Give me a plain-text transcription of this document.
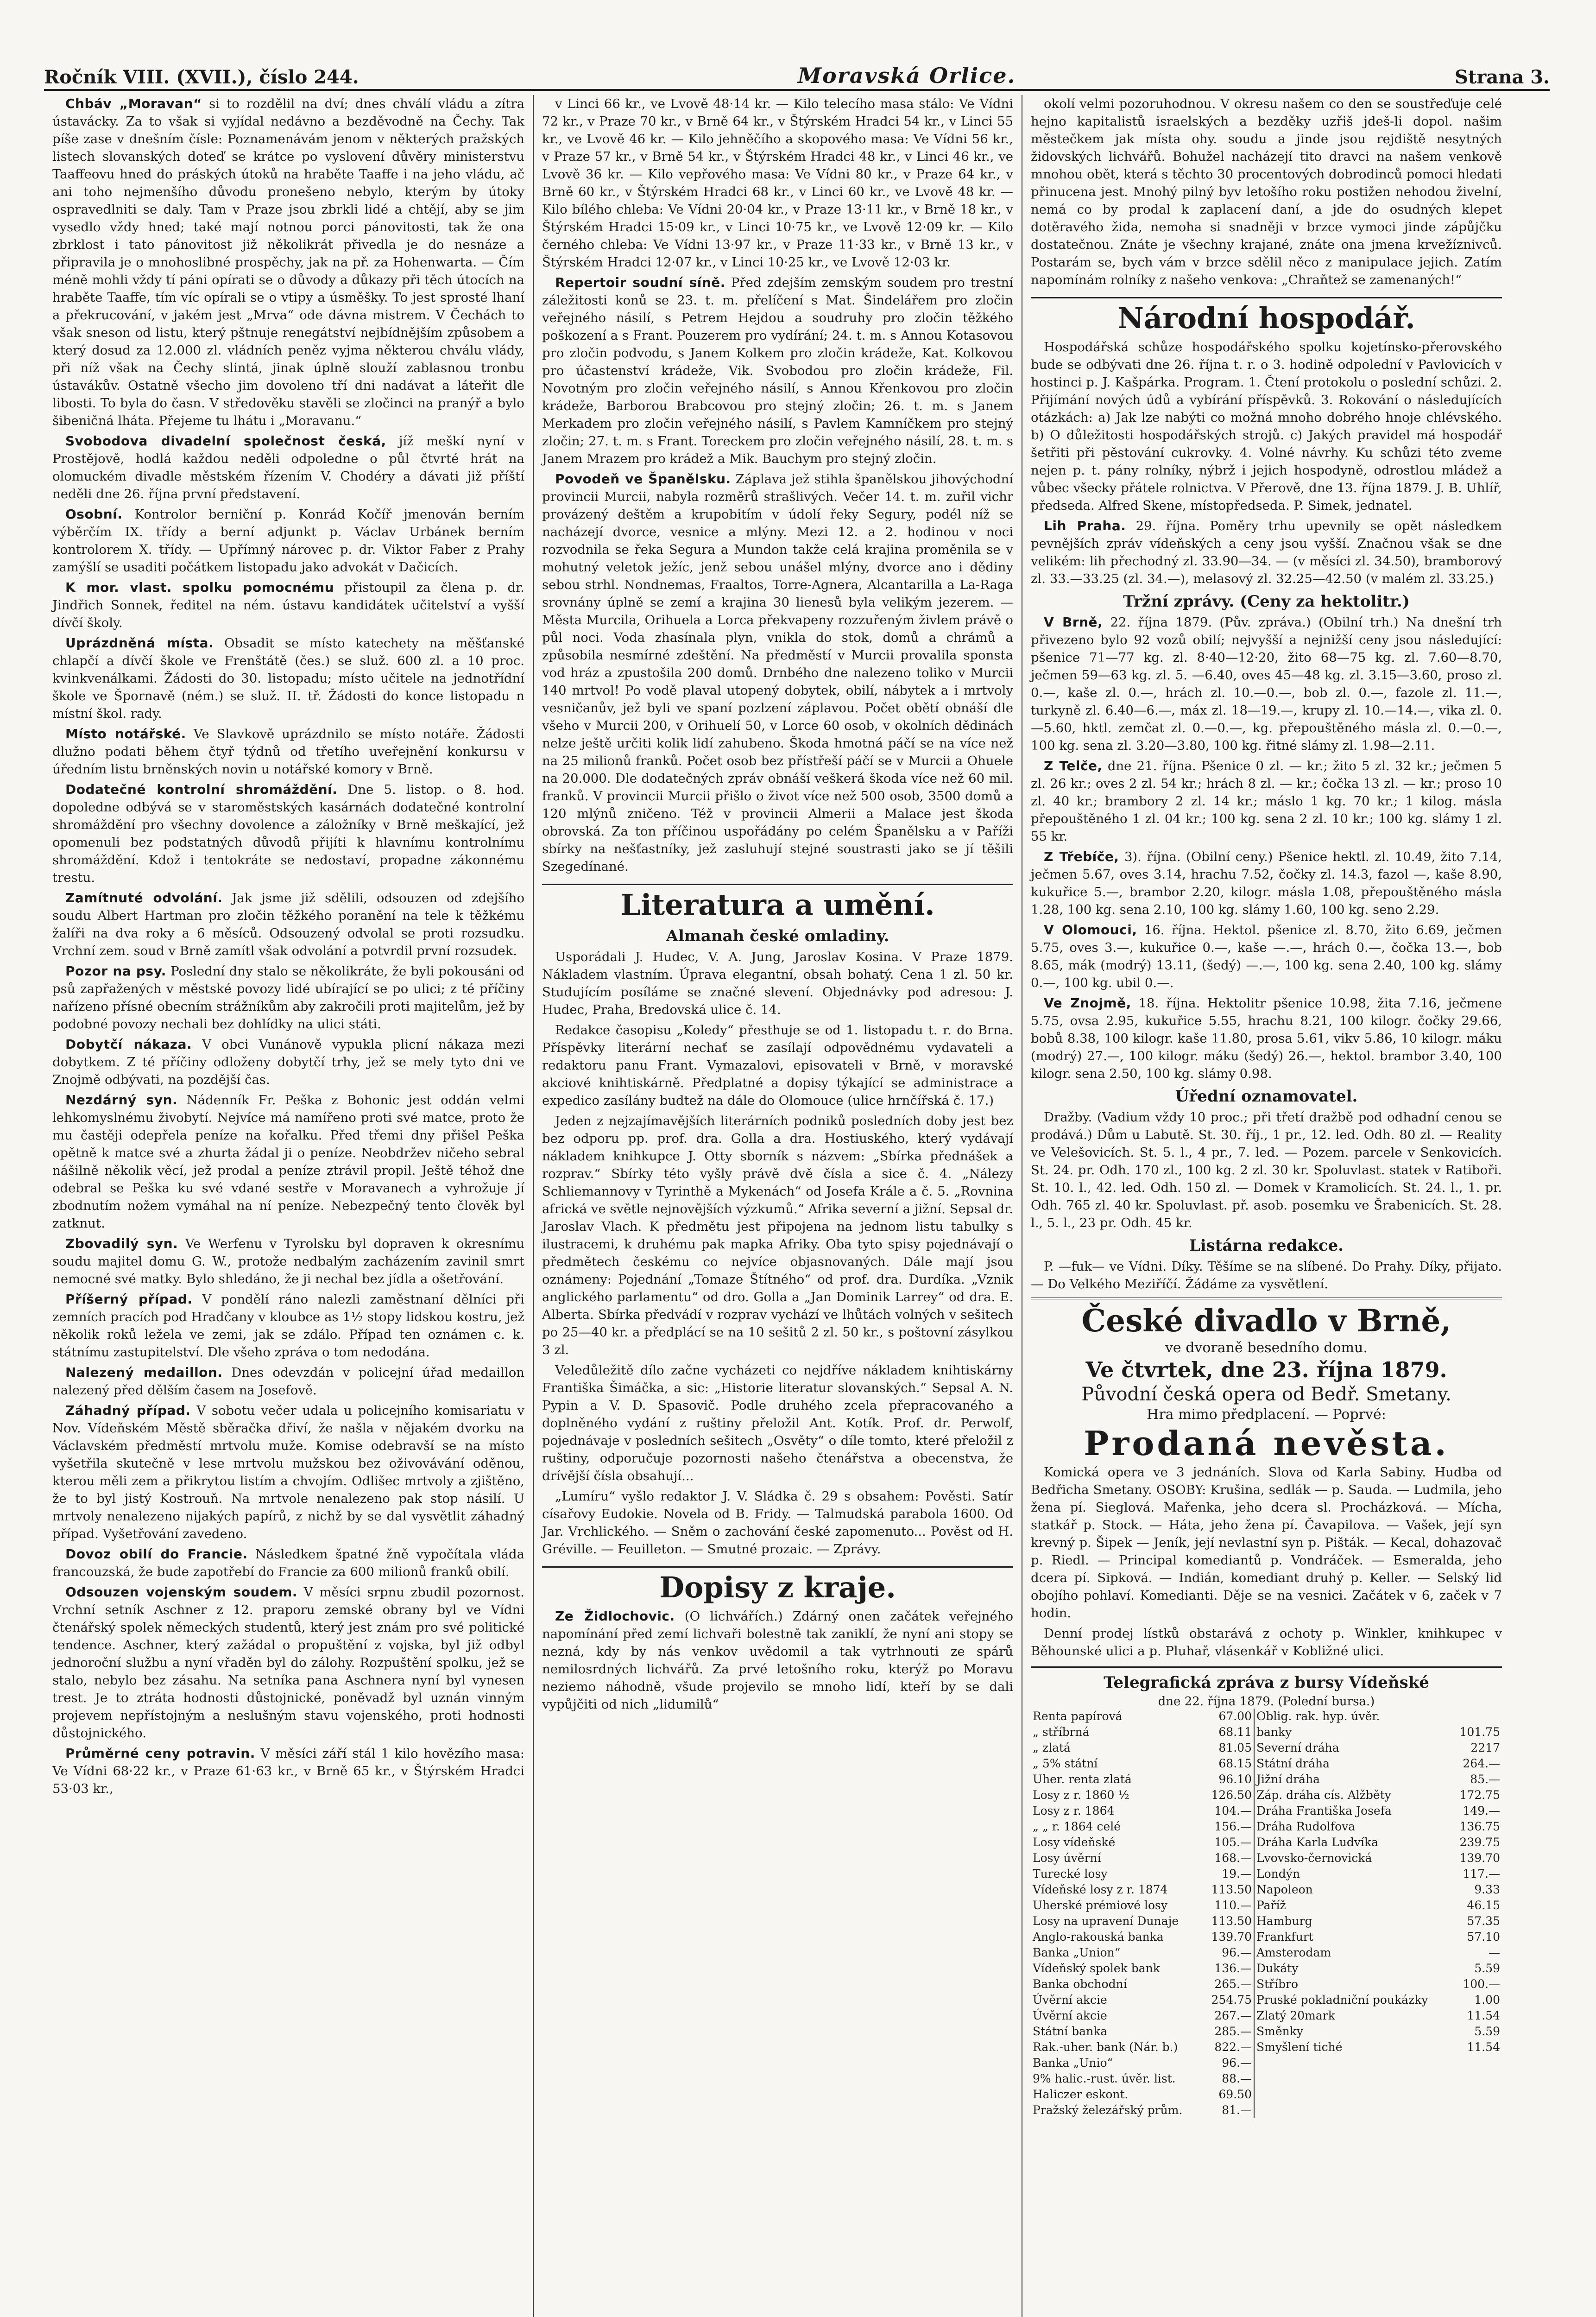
Ročník VIII. (XVII.), číslo 244.	Moravská Orlice.	Strana 3.

Chbáv „Moravan“ si to rozdělil na dví; dnes chválí vládu a zítra ústavácky. Za to však si vyjídal nedávno a bezděvodně na Čechy. Tak píše zase v dnešním čísle: Poznamenávám jenom v některých pražských listech slovanských doteď se krátce po vyslovení důvěry ministerstvu Taaffeovu hned do práských útoků na hraběte Taaffe i na jeho vládu, ač ani toho nejmenšího důvodu pronešeno nebylo, kterým by útoky ospravedlniti se daly. Tam v Praze jsou zbrkli lidé a chtějí, aby se jim vysedlo vždy hned; také mají notnou porci pánovitosti, tak že ona zbrklost i tato pánovitost již několikrát přivedla je do nesnáze a připravila je o mnohoslibné prospěchy, jak na př. za Hohenwarta. — Čím méně mohli vždy tí páni opírati se o důvody a důkazy při těch útocích na hraběte Taaffe, tím víc opírali se o vtipy a úsměšky. To jest sprosté lhaní a překrucování, v jakém jest „Mrva“ ode dávna mistrem. V Čechách to však sneson od listu, který pštnuje renegátství nejbídnějším způsobem a který dosud za 12.000 zl. vládních peněz vyjma některou chválu vlády, při níž však na Čechy slintá, jinak úplně slouží zablasnou tronbu ústavákův. Ostatně všecho jim dovoleno tří dni nadávat a láteřit dle libosti. To byla do časn. V středověku stavěli se zločinci na pranýř a bylo šibeničná lháta. Přejeme tu lhátu i „Moravanu.“

Svobodova divadelní společnost česká, jíž meškí nyní v Prostějově, hodlá každou neděli odpoledne o půl čtvrté hrát na olomuckém divadle městském řízením V. Chodéry a dávati již příští neděli dne 26. října první představení.

Osobní. Kontrolor berniční p. Konrád Kočíř jmenován berním výběrčím IX. třídy a berní adjunkt p. Václav Urbánek berním kontrolorem X. třídy. — Upřímný nárovec p. dr. Viktor Faber z Prahy zamýšlí se usaditi počátkem listopadu jako advokát v Dačicích.

K mor. vlast. spolku pomocnému přistoupil za člena p. dr. Jindřich Sonnek, ředitel na ném. ústavu kandidátek učitelství a vyšší dívčí školy.

Uprázdněná místa. Obsadit se místo katechety na měšťanské chlapčí a dívčí škole ve Frenštátě (čes.) se služ. 600 zl. a 10 proc. kvinkvenálkami. Žádosti do 30. listopadu; místo učitele na jednotřídní škole ve Špornavě (ném.) se služ. II. tř. Žádosti do konce listopadu n místní škol. rady.

Místo notářské. Ve Slavkově uprázdnilo se místo notáře. Žádosti dlužno podati během čtyř týdnů od třetího uveřejnění konkursu v úředním listu brněnských novin u notářské komory v Brně.

Dodatečné kontrolní shromáždění. Dne 5. listop. o 8. hod. dopoledne odbývá se v staroměstských kasárnách dodatečné kontrolní shromáždění pro všechny dovolence a záložníky v Brně meškající, jež opomenuli bez podstatných důvodů přijíti k hlavnímu kontrolnímu shromáždění. Kdož i tentokráte se nedostaví, propadne zákonnému trestu.

Zamítnuté odvolání. Jak jsme již sdělili, odsouzen od zdejšího soudu Albert Hartman pro zločin těžkého poranění na tele k těžkému žalíři na dva roky a 6 měsíců. Odsouzený odvolal se proti rozsudku. Vrchní zem. soud v Brně zamítl však odvolání a potvrdil první rozsudek.

Pozor na psy. Poslední dny stalo se několikráte, že byli pokousáni od psů zapřažených v městské povozy lidé ubírající se po ulici; z té příčiny nařízeno přísné obecním strážníkům aby zakročili proti majitelům, jež by podobné povozy nechali bez dohlídky na ulici státi.

Dobytčí nákaza. V obci Vunánově vypukla plicní nákaza mezi dobytkem. Z té příčiny odloženy dobytčí trhy, jež se mely tyto dni ve Znojmě odbývati, na pozdější čas.

Nezdárný syn. Nádenník Fr. Peška z Bohonic jest oddán velmi lehkomyslnému živobytí. Nejvíce má namířeno proti své matce, proto že mu častěji odepřela peníze na kořalku. Před třemi dny přišel Peška opětně k matce své a zhurta žádal ji o peníze. Neobdržev ničeho sebral nášilně několik věcí, jež prodal a peníze ztrávil propil. Ještě téhož dne odebral se Peška ku své vdané sestře v Moravanech a vyhrožuje jí zbodnutím nožem vymáhal na ní peníze. Nebezpečný tento člověk byl zatknut.

Zbovadilý syn. Ve Werfenu v Tyrolsku byl dopraven k okresnímu soudu majitel domu G. W., protože nedbalým zacházením zavinil smrt nemocné své matky. Bylo shledáno, že ji nechal bez jídla a ošetřování.

Příšerný případ. V pondělí ráno nalezli zaměstnaní dělníci při zemních pracích pod Hradčany v kloubce as 1½ stopy lidskou kostru, jež několik roků ležela ve zemi, jak se zdálo. Případ ten oznámen c. k. státnímu zastupitelství. Dle všeho zpráva o tom nedodána.

Nalezený medaillon. Dnes odevzdán v policejní úřad medaillon nalezený před dělším časem na Josefově.

Záhadný případ. V sobotu večer udala u policejního komisariatu v Nov. Vídeňském Městě sběračka dřiví, že našla v nějakém dvorku na Václavském předměstí mrtvolu muže. Komise odebravší se na místo vyšetřila skutečně v lese mrtvolu mužskou bez oživovávání oděnou, kterou měli zem a přikrytou listím a chvojím. Odlišec mrtvoly a zjištěno, že to byl jistý Kostrouň. Na mrtvole nenalezeno pak stop násilí. U mrtvoly nenalezeno nijakých papírů, z nichž by se dal vysvětlit záhadný případ. Vyšetřování zavedeno.

Dovoz obilí do Francie. Následkem špatné žně vypočítala vláda francouzská, že bude zapotřebí do Francie za 600 milionů franků obilí.

Odsouzen vojenským soudem. V měsíci srpnu zbudil pozornost. Vrchní setník Aschner z 12. praporu zemské obrany byl ve Vídni čtenářský spolek německých studentů, který jest znám pro své politické tendence. Aschner, který zažádal o propuštění z vojska, byl již odbyl jednoroční službu a nyní vřaděn byl do zálohy. Rozpuštění spolku, jež se stalo, nebylo bez zásahu. Na setníka pana Aschnera nyní byl vynesen trest. Je to ztráta hodnosti důstojnické, poněvadž byl uznán vinným projevem nepřístojným a neslušným stavu vojenského, proti hodnosti důstojnického.

Průměrné ceny potravin. V měsíci září stál 1 kilo hovězího masa: Ve Vídni 68·22 kr., v Praze 61·63 kr., v Brně 65 kr., v Štýrském Hradci 53·03 kr.,

v Linci 66 kr., ve Lvově 48·14 kr. — Kilo telecího masa stálo: Ve Vídni 72 kr., v Praze 70 kr., v Brně 64 kr., v Štýrském Hradci 54 kr., v Linci 55 kr., ve Lvově 46 kr. — Kilo jehněčího a skopového masa: Ve Vídni 56 kr., v Praze 57 kr., v Brně 54 kr., v Štýrském Hradci 48 kr., v Linci 46 kr., ve Lvově 36 kr. — Kilo vepřového masa: Ve Vídni 80 kr., v Praze 64 kr., v Brně 60 kr., v Štýrském Hradci 68 kr., v Linci 60 kr., ve Lvově 48 kr. — Kilo bílého chleba: Ve Vídni 20·04 kr., v Praze 13·11 kr., v Brně 18 kr., v Štýrském Hradci 15·09 kr., v Linci 10·75 kr., ve Lvově 12·09 kr. — Kilo černého chleba: Ve Vídni 13·97 kr., v Praze 11·33 kr., v Brně 13 kr., v Štýrském Hradci 12·07 kr., v Linci 10·25 kr., ve Lvově 12·03 kr.

Repertoir soudní síně. Před zdejším zemským soudem pro trestní záležitosti konů se 23. t. m. přelíčení s Mat. Šindelářem pro zločin veřejného násilí, s Petrem Hejdou a soudruhy pro zločin těžkého poškození a s Frant. Pouzerem pro vydírání; 24. t. m. s Annou Kotasovou pro zločin podvodu, s Janem Kolkem pro zločin krádeže, Kat. Kolkovou pro účastenství krádeže, Vik. Svobodou pro zločin krádeže, Fil. Novotným pro zločin veřejného násilí, s Annou Křenkovou pro zločin krádeže, Barborou Brabcovou pro stejný zločin; 26. t. m. s Janem Merkadem pro zločin veřejného násilí, s Pavlem Kamníčkem pro stejný zločin; 27. t. m. s Frant. Toreckem pro zločin veřejného násilí, 28. t. m. s Janem Mrazem pro krádež a Mik. Bauchym pro stejný zločin.

Povodeň ve Španělsku. Záplava jež stihla španělskou jihovýchodní provincii Murcii, nabyla rozměrů strašlivých. Večer 14. t. m. zuřil vichr provázený deštěm a krupobitím v údolí řeky Segury, podél níž se nacházejí dvorce, vesnice a mlýny. Mezi 12. a 2. hodinou v noci rozvodnila se řeka Segura a Mundon takže celá krajina proměnila se v mohutný veletok ježíc, jenž sebou unášel mlýny, dvorce ano i dědiny sebou strhl. Nondnemas, Fraaltos, Torre-Agnera, Alcantarilla a La-Raga srovnány úplně se zemí a krajina 30 lienesů byla velikým jezerem. — Města Murcila, Orihuela a Lorca překvapeny rozzuřeným živlem právě o půl noci. Voda zhasínala plyn, vnikla do stok, domů a chrámů a způsobila nesmírné zdeštění. Na předměstí v Murcii provalila sponsta vod hráz a zpustošila 200 domů. Drnbého dne nalezeno tolikо v Murcii 140 mrtvol! Po vodě plaval utopený dobytek, obilí, nábytek a i mrtvoly vesničanův, jež byli ve spaní pozlzení záplavou. Počet obětí obnáší dle všeho v Murcii 200, v Orihuelí 50, v Lorce 60 osob, v okolních dědinách nelze ještě určiti kolik lidí zahubeno. Škoda hmotná páčí se na více než na 25 milionů franků. Počet osob bez přístřeší páčí se v Murcii a Ohuele na 20.000. Dle dodatečných zpráv obnáší veškerá škoda více než 60 mil. franků. V provincii Murcii přišlo o život více než 500 osob, 3500 domů a 120 mlýnů zničeno. Též v provincii Almerii a Malace jest škoda obrovská. Za ton příčinou uspořádány po celém Španělsku a v Paříži sbírky na nešťastníky, jež zasluhují stejné soustrasti jako se jí těšili Szegedínané.

Literatura a umění.
Almanah české omladiny.

Usporádali J. Hudec, V. A. Jung, Jaroslav Kosina. V Praze 1879. Nákladem vlastním. Úprava elegantní, obsah bohatý. Cena 1 zl. 50 kr. Studujícím posíláme se značné slevení. Objednávky pod adresou: J. Hudec, Praha, Bredovská ulice č. 14.

Redakce časopisu „Koledy“ přesthuje se od 1. listopadu t. r. do Brna. Příspěvky literární nechať se zasílají odpovědnému vydavateli a redaktoru panu Frant. Vymazalovi, episovateli v Brně, v moravské akciové knihtiskárně. Předplatné a dopisy týkající se administrace a expedico zasílány budtež na dále do Olomouce (ulice hrnčířská č. 17.)

Jeden z nejzajímavějších literárních podniků posledních doby jest bez bez odporu pp. prof. dra. Golla a dra. Hostiuského, který vydávají nákladem knihkupce J. Otty sborník s názvem: „Sbírka přednášek a rozprav.“ Sbírky této vyšly právě dvě čísla a sice č. 4. „Nálezy Schliemannovy v Tyrinthě a Mykenách“ od Josefa Krále a č. 5. „Rovnina africká ve světle nejnovějších výzkumů.“ Afrika severní a jižní. Sepsal dr. Jaroslav Vlach. K předmětu jest připojena na jednom listu tabulky s ilustracemi, k druhému pak mapka Afriky. Oba tyto spisy pojednávají o předmětech českému co nejvíce objasnovaných. Dále mají jsou oznámeny: Pojednání „Tomaze Štítného“ od prof. dra. Durdíka. „Vznik anglického parlamentu“ od dro. Golla a „Jan Dominik Larrey“ od dra. E. Alberta. Sbírka předvádí v rozprav vychází ve lhůtách volných v sešitech po 25—40 kr. a předplácí se na 10 sešitů 2 zl. 50 kr., s poštovní zásylkou 3 zl.

Veledůležitě dílo začne vycházeti co nejdříve nákladem knihtiskárny Františka Šimáčka, a sic: „Historie literatur slovanských.“ Sepsal A. N. Pypin a V. D. Spasovič. Podle druhého zcela přepracovaného a doplněného vydání z ruštiny přeložil Ant. Kotík. Prof. dr. Perwolf, pojednávaje v posledních sešitech „Osvěty“ o díle tomto, které přeložil z ruštiny, odporučuje pozornosti našeho čtenářstva a obecenstva, že drívější čísla obsahují...

„Lumíru“ vyšlo redaktor J. V. Sládka č. 29 s obsahem: Pověsti. Satír císařovy Eudokie. Novela od B. Fridy. — Talmudská parabola 1600. Od Jar. Vrchlického. — Sněm o zachování české zapomenuto... Pověst od H. Gréville. — Feuilleton. — Smutné prozaic. — Zprávy.

Dopisy z kraje.

Ze Židlochovic. (O lichvářích.) Zdárný onen začátek veřejného napomínání před zemí lichvaři bolestně tak zaniklí, že nyní ani stopy se nezná, kdy by nás venkov uvědomil a tak vytrhnouti ze spárů nemilosrdných lichvářů. Za prvé letošního roku, kterýž po Moravu neziemo náhodně, všude projevilo se mnoho lidí, kteří by se dali vypůjčiti od nich „lidumilů“

okolí velmi pozoruhodnou. V okresu našem co den se soustřeďuje celé hejno kapitalistů israelských a bezděky uzřiš jdeš-li dopol. našim městečkem jak místa ohy. soudu a jinde jsou rejdiště nesytných židovských lichvářů. Bohužel nacházejí tito dravci na našem venkově mnohou obět, která s těchto 30 procentových dobrodinců pomoci hledati přinucena jest. Mnohý pilný byv letošího roku postižen nehodou živelní, nemá co by prodal k zaplacení daní, a jde do osudných klepet dotěravého žida, nemoha si snadněji v brzce vymoci jinde zápůjčku dostatečnou. Znáte je všechny krajané, znáte ona jmena krvežíznivců. Postarám se, bych vám v brzce sdělil něco z manipulace jejich. Zatím napomínám rolníky z našeho venkova: „Chraňtež se zamenaných!“

Národní hospodář.

Hospodářská schůze hospodářského spolku kojetínsko-přerovského bude se odbývati dne 26. října t. r. o 3. hodině odpolední v Pavlovicích v hostinci p. J. Kašpárka. Program. 1. Čtení protokolu o poslední schůzi. 2. Přijímání nových údů a vybírání příspěvků. 3. Rokování o následujících otázkách: a) Jak lze nabýti co možná mnoho dobrého hnoje chlévského. b) O důležitosti hospodářských strojů. c) Jakých pravidel má hospodář šetřiti při pěstování cukrovky. 4. Volné návrhy. Ku schůzi této zveme nejen p. t. pány rolníky, nýbrž i jejich hospodyně, odrostlou mládež a vůbec všecky přátele rolnictva. V Přerově, dne 13. října 1879. J. B. Uhlíř, předseda. Alfred Skene, místopředseda. P. Simek, jednatel.

Lih Praha. 29. října. Poměry trhu upevnily se opět následkem pevnějších zpráv vídeňských a ceny jsou vyšší. Značnou však se dne velikém: lih přechodný zl. 33.90—34. — (v měsíci zl. 34.50), bramborový zl. 33.—33.25 (zl. 34.—), melasový zl. 32.25—42.50 (v malém zl. 33.25.)

Tržní zprávy. (Ceny za hektolitr.)

V Brně, 22. října 1879. (Pův. zpráva.) (Obilní trh.) Na dnešní trh přivezeno bylo 92 vozů obilí; nejvyšší a nejnižší ceny jsou následující: pšenice 71—77 kg. zl. 8·40—12·20, žito 68—75 kg. zl. 7.60—8.70, ječmen 59—63 kg. zl. 5. —6.40, oves 45—48 kg. zl. 3.15—3.60, proso zl. 0.—, kaše zl. 0.—, hrách zl. 10.—0.—, bob zl. 0.—, fazole zl. 11.—, turkyně zl. 6.40—6.—, máx zl. 18—19.—, krupy zl. 10.—14.—, vika zl. 0.—5.60, hktl. zemčat zl. 0.—0.—, kg. přepouštěného másla zl. 0.—0.—, 100 kg. sena zl. 3.20—3.80, 100 kg. řitné slámy zl. 1.98—2.11.

Z Telče, dne 21. října. Pšenice 0 zl. — kr.; žito 5 zl. 32 kr.; ječmen 5 zl. 26 kr.; oves 2 zl. 54 kr.; hrách 8 zl. — kr.; čočka 13 zl. — kr.; proso 10 zl. 40 kr.; brambory 2 zl. 14 kr.; máslo 1 kg. 70 kr.; 1 kilog. másla přepouštěného 1 zl. 04 kr.; 100 kg. sena 2 zl. 10 kr.; 100 kg. slámy 1 zl. 55 kr.

Z Třebíče, 3). října. (Obilní ceny.) Pšenice hektl. zl. 10.49, žito 7.14, ječmen 5.67, oves 3.14, hrachu 7.52, čočky zl. 14.3, fazol —, kaše 8.90, kukuřice 5.—, brambor 2.20, kilogr. másla 1.08, přepouštěného másla 1.28, 100 kg. sena 2.10, 100 kg. slámy 1.60, 100 kg. seno 2.29.

V Olomouci, 16. října. Hektol. pšenice zl. 8.70, žito 6.69, ječmen 5.75, oves 3.—, kukuřice 0.—, kaše —.—, hrách 0.—, čočka 13.—, bob 8.65, mák (modrý) 13.11, (šedý) —.—, 100 kg. sena 2.40, 100 kg. slámy 0.—, 100 kg. ubil 0.—.

Ve Znojmě, 18. října. Hektolitr pšenice 10.98, žita 7.16, ječmene 5.75, ovsa 2.95, kukuřice 5.55, hrachu 8.21, 100 kilogr. čočky 29.66, bobů 8.38, 100 kilogr. kaše 11.80, prosa 5.61, vikv 5.86, 10 kilogr. máku (modrý) 27.—, 100 kilogr. máku (šedý) 26.—, hektol. brambor 3.40, 100 kilogr. sena 2.50, 100 kg. slámy 0.98.

Úřední oznamovatel.

Dražby. (Vadium vždy 10 proc.; při třetí dražbě pod odhadní cenou se prodává.) Dům u Labutě. St. 30. říj., 1 pr., 12. led. Odh. 80 zl. — Reality ve Velešovicích. St. 5. l., 4 pr., 7. led. — Pozem. parcele v Senkovicích. St. 24. pr. Odh. 170 zl., 100 kg. 2 zl. 30 kr. Spoluvlast. statek v Ratiboři. St. 10. l., 42. led. Odh. 150 zl. — Domek v Kramolicích. St. 24. l., 1. pr. Odh. 765 zl. 40 kr. Spoluvlast. př. asob. posemku ve Šrabenicích. St. 28. l., 5. l., 23 pr. Odh. 45 kr.

Listárna redakce.

P. —fuk— ve Vídni. Díky. Těšíme se na slíbené. Do Prahy. Díky, přijato. — Do Velkého Meziříčí. Žádáme za vysvětlení.

České divadlo v Brně,
ve dvoraně besedního domu.
Ve čtvrtek, dne 23. října 1879.
Původní česká opera od Bedř. Smetany.
Hra mimo předplacení. — Poprvé:
Prodaná nevěsta.

Komická opera ve 3 jednáních. Slova od Karla Sabiny. Hudba od Bedřicha Smetany. OSOBY: Krušina, sedlák — p. Sauda. — Ludmila, jeho žena pí. Sieglová. Mařenka, jeho dcera sl. Procházková. — Mícha, statkář p. Stock. — Háta, jeho žena pí. Čavapilova. — Vašek, její syn krevný p. Šipek — Jeník, její nevlastní syn p. Pišták. — Kecal, dohazovač p. Riedl. — Principal komediantů p. Vondráček. — Esmeralda, jeho dcera pí. Sipková. — Indián, komediant druhý p. Keller. — Selský lid obojího pohlaví. Komedianti. Děje se na vesnici. Začátek v 6, začek v 7 hodin.

Denní prodej lístků obstarává z ochoty p. Winkler, knihkupec v Běhounské ulici a p. Pluhař, vlásenkář v Kobližné ulici.

Telegrafická zpráva z bursy Vídeňské
dne 22. října 1879. (Polední bursa.)
Renta papírová	67.00	Oblig. rak. hyp. úvěr.	
„ stříbrná	68.11	banky	101.75
„ zlatá	81.05	Severní dráha	2217
„ 5% státní	68.15	Státní dráha	264.—
Uher. renta zlatá	96.10	Jižní dráha	85.—
Losy z r. 1860 ½	126.50	Záp. dráha cís. Alžběty	172.75
Losy z r. 1864	104.—	Dráha Františka Josefa	149.—
„ „ r. 1864 celé	156.—	Dráha Rudolfova	136.75
Losy vídeňské	105.—	Dráha Karla Ludvíka	239.75
Losy úvěrní	168.—	Lvovsko-černovická	139.70
Turecké losy	19.—	Londýn	117.—
Vídeňské losy z r. 1874	113.50	Napoleon	9.33
Uherské prémiové losy	110.—	Paříž	46.15
Losy na upravení Dunaje	113.50	Hamburg	57.35
Anglo-rakouská banka	139.70	Frankfurt	57.10
Banka „Union“	96.—	Amsterodam	—
Vídeňský spolek bank	136.—	Dukáty	5.59
Banka obchodní	265.—	Stříbro	100.—
Úvěrní akcie	254.75	Pruské pokladniční poukázky	1.00
Úvěrní akcie	267.—	Zlatý 20mark	11.54
Státní banka	285.—	Směnky	5.59
Rak.-uher. bank (Nár. b.)	822.—	Smyšlení tiché	11.54
Banka „Unio“	96.—		
9% halic.-rust. úvěr. list.	88.—		
Haliczer eskont.	69.50		
Pražský železářský prům.	81.—		
